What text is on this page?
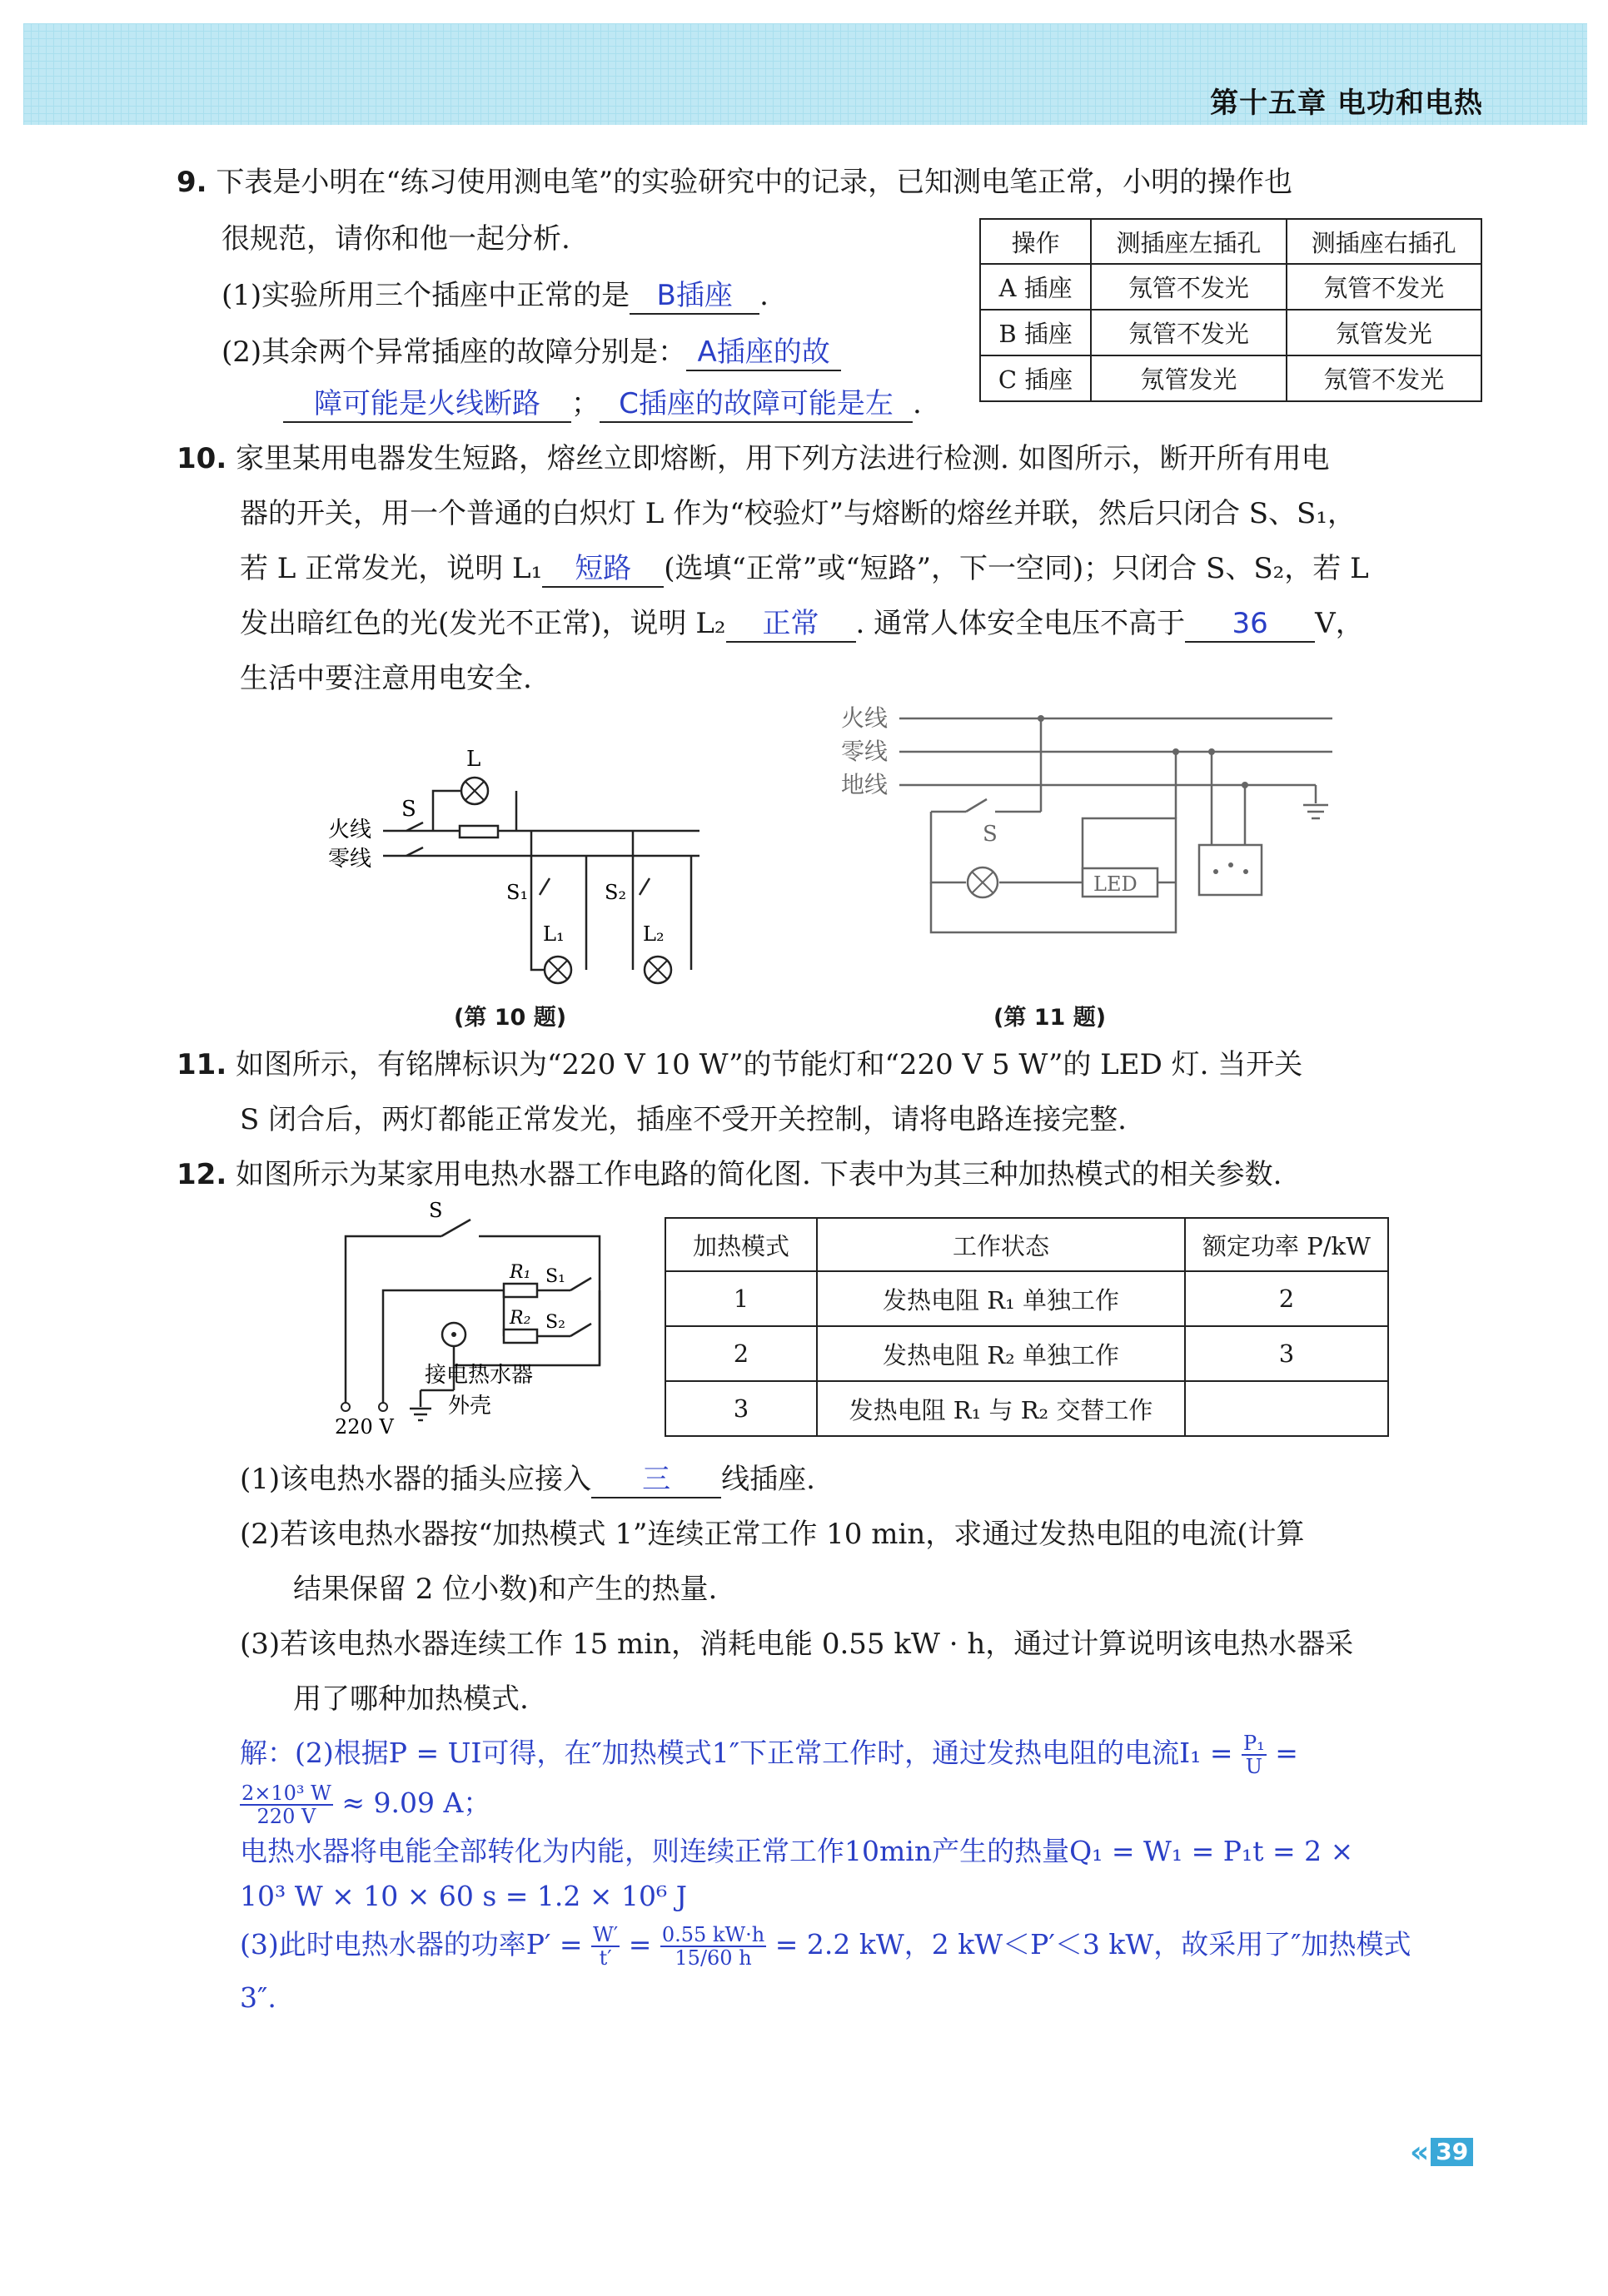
第十五章 电功和电热
9. 下表是小明在“练习使用测电笔”的实验研究中的记录，已知测电笔正常，小明的操作也
很规范，请你和他一起分析.
(1)实验所用三个插座中正常的是 B插座 .
(2)其余两个异常插座的故障分别是： A插座的故
障可能是火线断路 ； C插座的故障可能是左 .
操作	测插座左插孔	测插座右插孔
A 插座	氖管不发光	氖管不发光
B 插座	氖管不发光	氖管发光
C 插座	氖管发光	氖管不发光
10. 家里某用电器发生短路，熔丝立即熔断，用下列方法进行检测. 如图所示，断开所有用电
器的开关，用一个普通的白炽灯 L 作为“校验灯”与熔断的熔丝并联，然后只闭合 S、S₁，
若 L 正常发光，说明 L₁ 短路 (选填“正常”或“短路”，下一空同)；只闭合 S、S₂，若 L
发出暗红色的光(发光不正常)，说明 L₂ 正常 . 通常人体安全电压不高于 36 V，
生活中要注意用电安全.
火线
零线
L
S
S₁
L₁
S₂
L₂
(第 10 题)
火线
零线
地线
S
LED
(第 11 题)
11. 如图所示，有铭牌标识为“220 V 10 W”的节能灯和“220 V 5 W”的 LED 灯. 当开关
S 闭合后，两灯都能正常发光，插座不受开关控制，请将电路连接完整.
12. 如图所示为某家用电热水器工作电路的简化图. 下表中为其三种加热模式的相关参数.
S
R₁ S₁
R₂ S₂
接电热水器
外壳
220 V
加热模式	工作状态	额定功率 P/kW
1	发热电阻 R₁ 单独工作	2
2	发热电阻 R₂ 单独工作	3
3	发热电阻 R₁ 与 R₂ 交替工作	
(1)该电热水器的插头应接入 三 线插座.
(2)若该电热水器按“加热模式 1”连续正常工作 10 min，求通过发热电阻的电流(计算
结果保留 2 位小数)和产生的热量.
(3)若该电热水器连续工作 15 min，消耗电能 0.55 kW · h，通过计算说明该电热水器采
用了哪种加热模式.
解：(2)根据P = UI可得，在″加热模式1″下正常工作时，通过发热电阻的电流$I_1 = \frac{\text{P₁}}{U}$ =
$\frac{\text{2×10³ W}}{220 V} \approx 9.09$ A；
电热水器将电能全部转化为内能，则连续正常工作10min产生的热量Q₁ = W₁ = P₁t = 2 ×
10³ W × 10 × 60 s = 1.2 × 10⁶ J
(3)此时电热水器的功率$P' = \frac{W'}{t'} = \frac{0.55 kW\cdot h}{15/60 h} = 2.2$ kW，2 kW＜P′＜3 kW，故采用了″加热模式
3″.
« 39
